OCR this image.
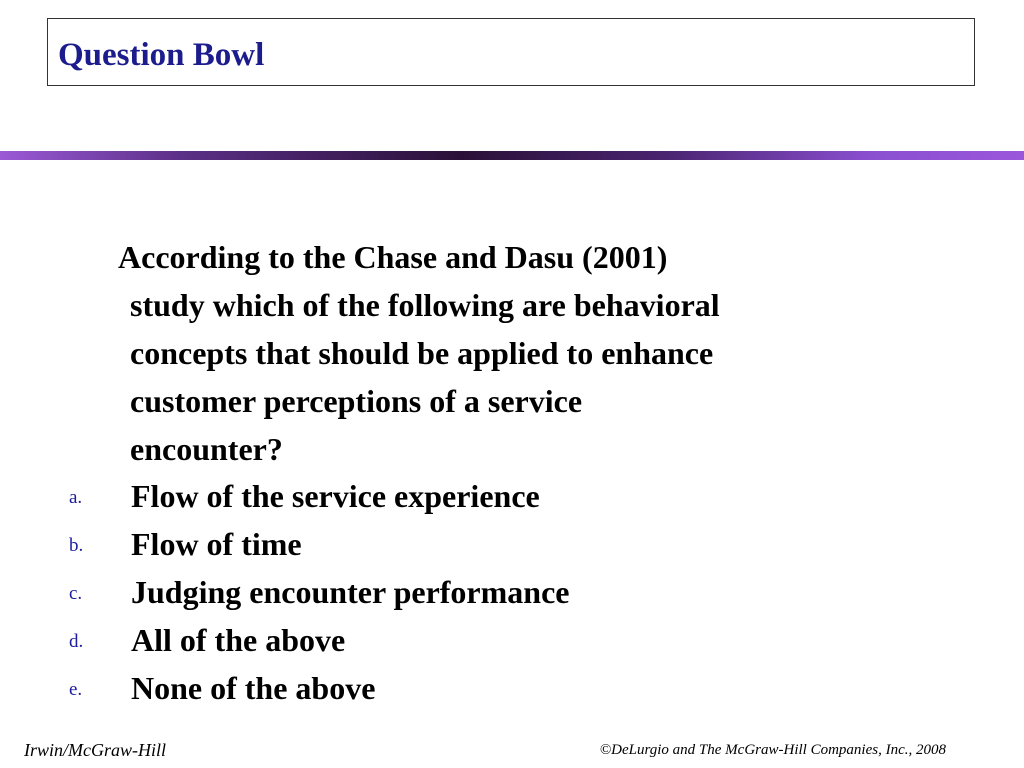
Question Bowl
According to the Chase and Dasu (2001)
study which of the following are behavioral
concepts that should be applied to enhance
customer perceptions of a service
encounter?
a. Flow of the service experience
b. Flow of time
c. Judging encounter performance
d. All of the above
e. None of the above
Irwin/McGraw-Hill	©DeLurgio and The McGraw-Hill Companies, Inc., 2008
